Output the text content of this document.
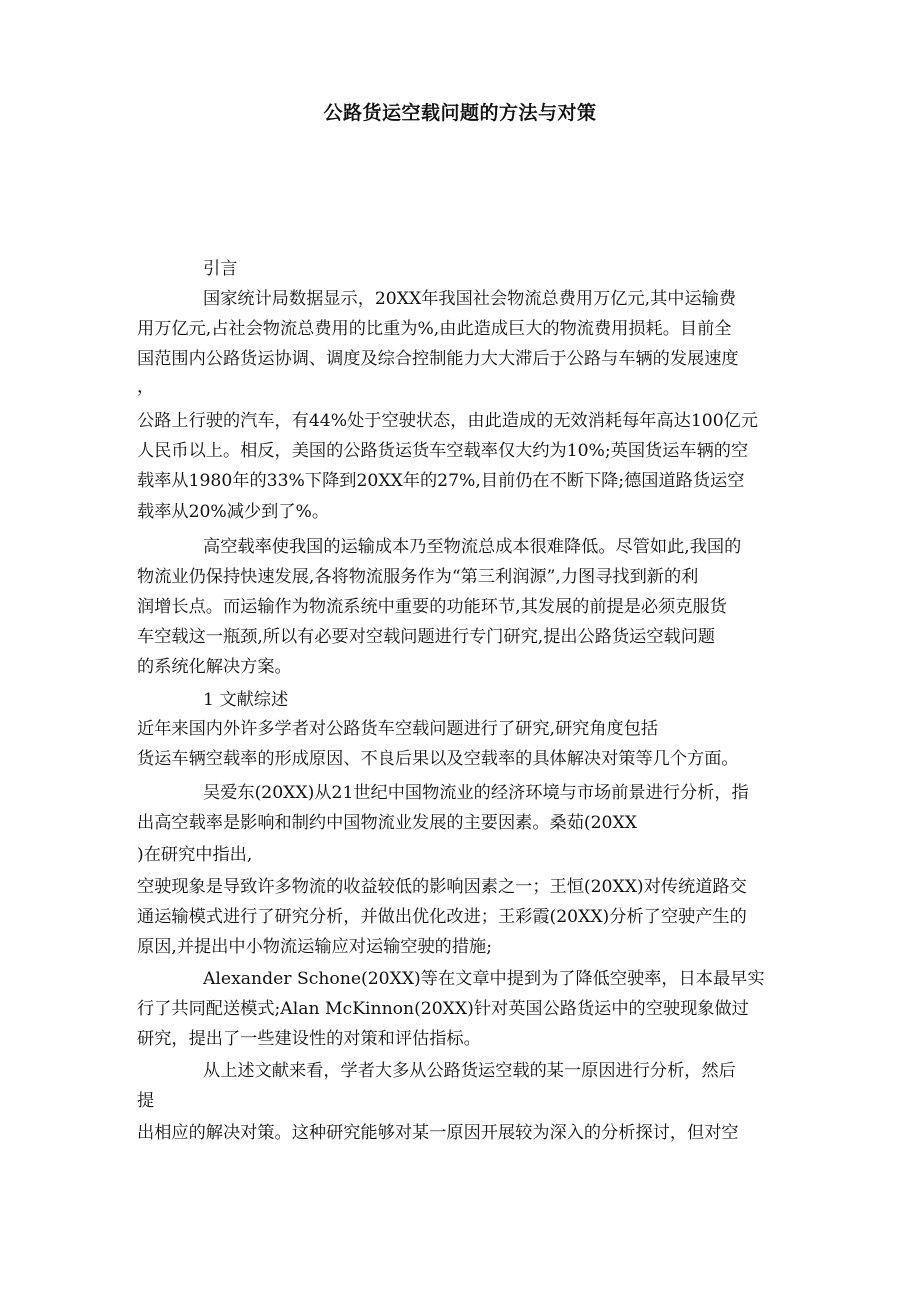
公路货运空载问题的方法与对策
引言
国家统计局数据显示，20XX年我国社会物流总费用万亿元,其中运输费
用万亿元,占社会物流总费用的比重为%,由此造成巨大的物流费用损耗。目前全
国范围内公路货运协调、调度及综合控制能力大大滞后于公路与车辆的发展速度
，
公路上行驶的汽车，有44%处于空驶状态，由此造成的无效消耗每年高达100亿元
人民币以上。相反，美国的公路货运货车空载率仅大约为10%;英国货运车辆的空
载率从1980年的33%下降到20XX年的27%,目前仍在不断下降;德国道路货运空
载率从20%减少到了%。
高空载率使我国的运输成本乃至物流总成本很难降低。尽管如此,我国的
物流业仍保持快速发展,各将物流服务作为“第三利润源”,力图寻找到新的利
润增长点。而运输作为物流系统中重要的功能环节,其发展的前提是必须克服货
车空载这一瓶颈,所以有必要对空载问题进行专门研究,提出公路货运空载问题
的系统化解决方案。
1 文献综述
近年来国内外许多学者对公路货车空载问题进行了研究,研究角度包括
货运车辆空载率的形成原因、不良后果以及空载率的具体解决对策等几个方面。
吴爱东(20XX)从21世纪中国物流业的经济环境与市场前景进行分析，指
出高空载率是影响和制约中国物流业发展的主要因素。桑茹(20XX
)在研究中指出,
空驶现象是导致许多物流的收益较低的影响因素之一；王恒(20XX)对传统道路交
通运输模式进行了研究分析，并做出优化改进；王彩霞(20XX)分析了空驶产生的
原因,并提出中小物流运输应对运输空驶的措施;
Alexander Schone(20XX)等在文章中提到为了降低空驶率，日本最早实
行了共同配送模式;Alan McKinnon(20XX)针对英国公路货运中的空驶现象做过
研究，提出了一些建设性的对策和评估指标。
从上述文献来看，学者大多从公路货运空载的某一原因进行分析，然后
提
出相应的解决对策。这种研究能够对某一原因开展较为深入的分析探讨，但对空
